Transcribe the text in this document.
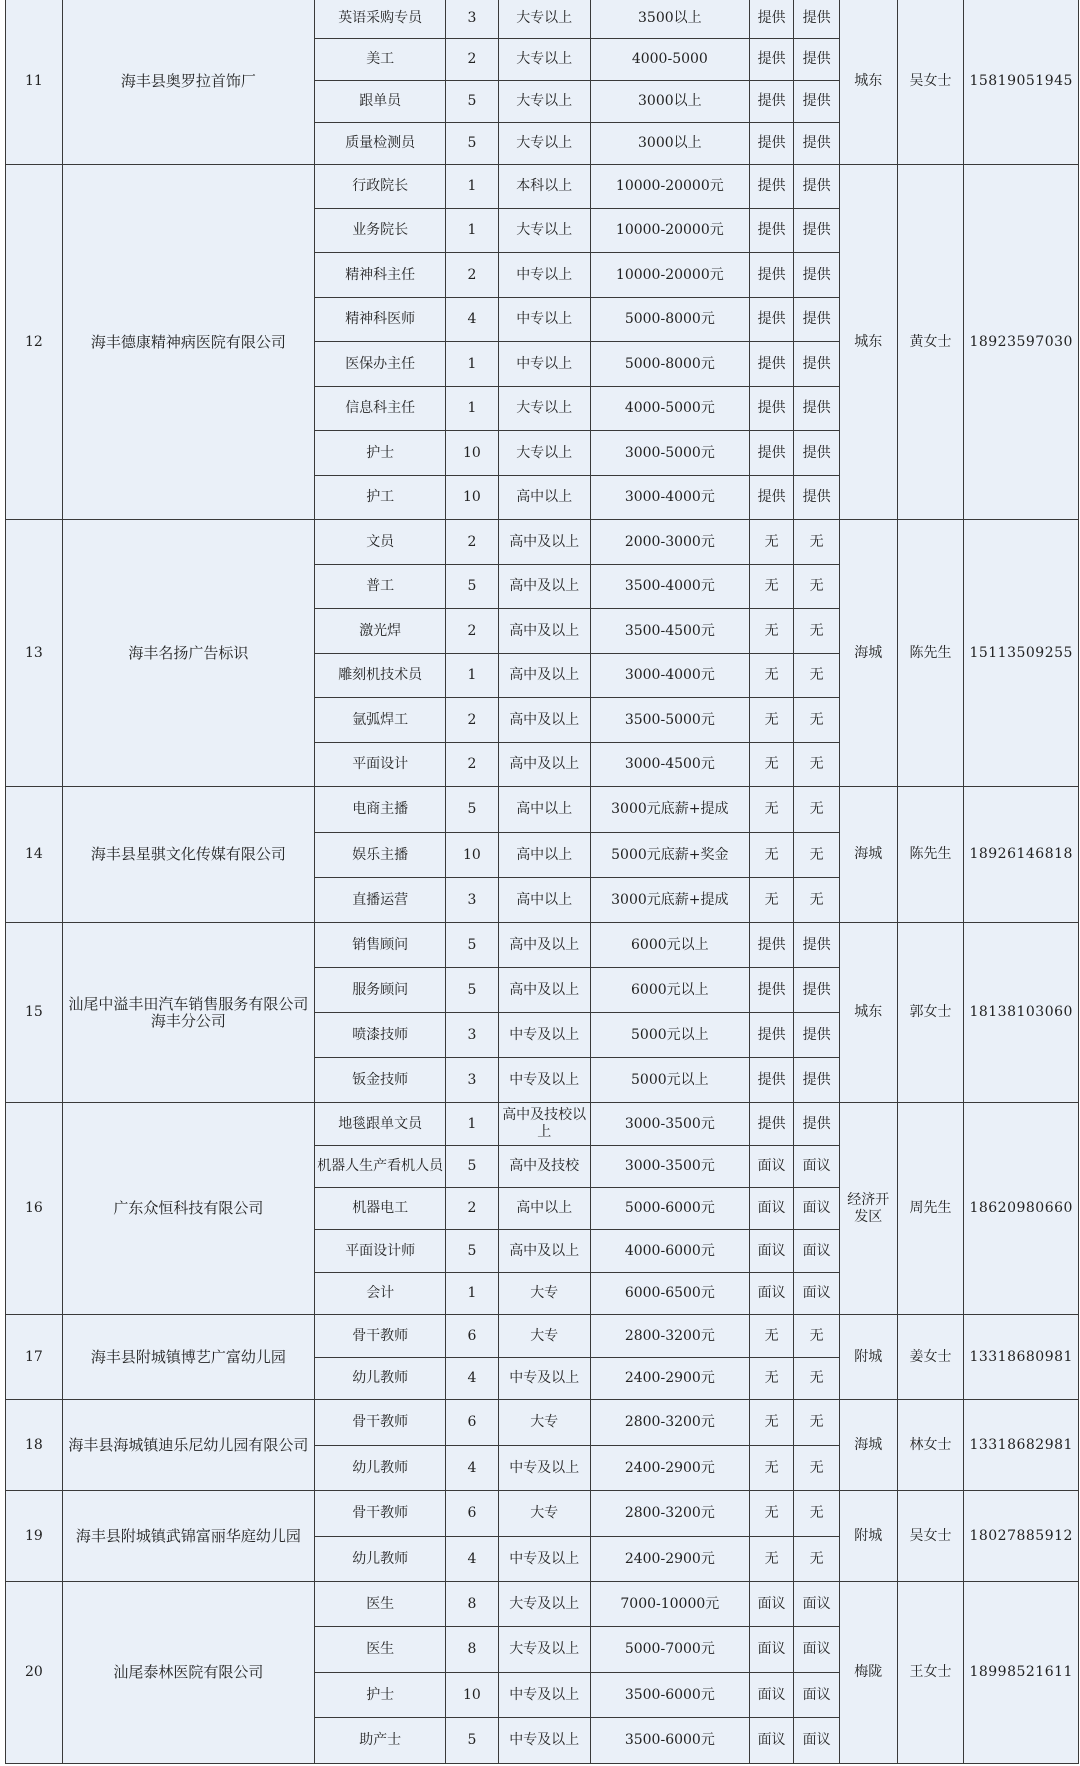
11	海丰县奥罗拉首饰厂	英语采购专员	3	大专以上	3500以上	提供	提供	城东	吴女士	15819051945
		美工	2	大专以上	4000-5000	提供	提供			
		跟单员	5	大专以上	3000以上	提供	提供			
		质量检测员	5	大专以上	3000以上	提供	提供			
12	海丰德康精神病医院有限公司	行政院长	1	本科以上	10000-20000元	提供	提供	城东	黄女士	18923597030
		业务院长	1	大专以上	10000-20000元	提供	提供			
		精神科主任	2	中专以上	10000-20000元	提供	提供			
		精神科医师	4	中专以上	5000-8000元	提供	提供			
		医保办主任	1	中专以上	5000-8000元	提供	提供			
		信息科主任	1	大专以上	4000-5000元	提供	提供			
		护士	10	大专以上	3000-5000元	提供	提供			
		护工	10	高中以上	3000-4000元	提供	提供			
13	海丰名扬广告标识	文员	2	高中及以上	2000-3000元	无	无	海城	陈先生	15113509255
		普工	5	高中及以上	3500-4000元	无	无			
		激光焊	2	高中及以上	3500-4500元	无	无			
		雕刻机技术员	1	高中及以上	3000-4000元	无	无			
		氩弧焊工	2	高中及以上	3500-5000元	无	无			
		平面设计	2	高中及以上	3000-4500元	无	无			
14	海丰县星骐文化传媒有限公司	电商主播	5	高中以上	3000元底薪+提成	无	无	海城	陈先生	18926146818
		娱乐主播	10	高中以上	5000元底薪+奖金	无	无			
		直播运营	3	高中以上	3000元底薪+提成	无	无			
15	汕尾中溢丰田汽车销售服务有限公司海丰分公司	销售顾问	5	高中及以上	6000元以上	提供	提供	城东	郭女士	18138103060
		服务顾问	5	高中及以上	6000元以上	提供	提供			
		喷漆技师	3	中专及以上	5000元以上	提供	提供			
		钣金技师	3	中专及以上	5000元以上	提供	提供			
16	广东众恒科技有限公司	地毯跟单文员	1	高中及技校以上	3000-3500元	提供	提供	经济开发区	周先生	18620980660
		机器人生产看机人员	5	高中及技校	3000-3500元	面议	面议			
		机器电工	2	高中以上	5000-6000元	面议	面议			
		平面设计师	5	高中及以上	4000-6000元	面议	面议			
		会计	1	大专	6000-6500元	面议	面议			
17	海丰县附城镇博艺广富幼儿园	骨干教师	6	大专	2800-3200元	无	无	附城	姜女士	13318680981
		幼儿教师	4	中专及以上	2400-2900元	无	无			
18	海丰县海城镇迪乐尼幼儿园有限公司	骨干教师	6	大专	2800-3200元	无	无	海城	林女士	13318682981
		幼儿教师	4	中专及以上	2400-2900元	无	无			
19	海丰县附城镇武锦富丽华庭幼儿园	骨干教师	6	大专	2800-3200元	无	无	附城	吴女士	18027885912
		幼儿教师	4	中专及以上	2400-2900元	无	无			
20	汕尾泰林医院有限公司	医生	8	大专及以上	7000-10000元	面议	面议	梅陇	王女士	18998521611
		医生	8	大专及以上	5000-7000元	面议	面议			
		护士	10	中专及以上	3500-6000元	面议	面议			
		助产士	5	中专及以上	3500-6000元	面议	面议			
